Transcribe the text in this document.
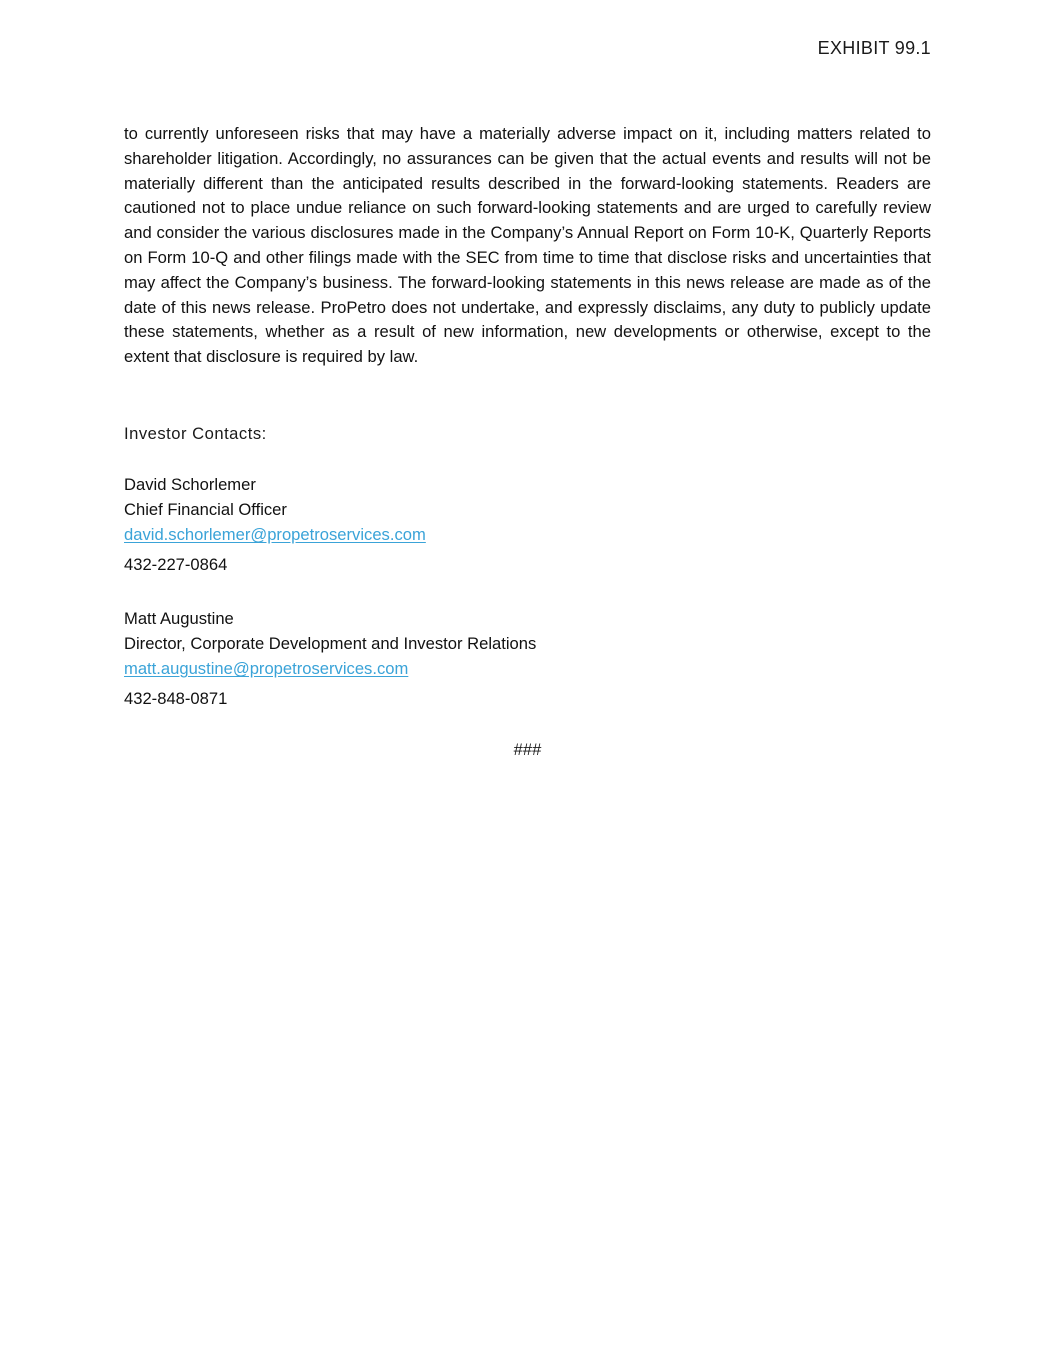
EXHIBIT 99.1

to currently unforeseen risks that may have a materially adverse impact on it, including matters related to shareholder litigation. Accordingly, no assurances can be given that the actual events and results will not be materially different than the anticipated results described in the forward-looking statements. Readers are cautioned not to place undue reliance on such forward-looking statements and are urged to carefully review and consider the various disclosures made in the Company’s Annual Report on Form 10-K, Quarterly Reports on Form 10-Q and other filings made with the SEC from time to time that disclose risks and uncertainties that may affect the Company’s business. The forward-looking statements in this news release are made as of the date of this news release. ProPetro does not undertake, and expressly disclaims, any duty to publicly update these statements, whether as a result of new information, new developments or otherwise, except to the extent that disclosure is required by law.

Investor Contacts:
David Schorlemer
Chief Financial Officer
david.schorlemer@propetroservices.com
432-227-0864
Matt Augustine
Director, Corporate Development and Investor Relations
matt.augustine@propetroservices.com
432-848-0871
###
